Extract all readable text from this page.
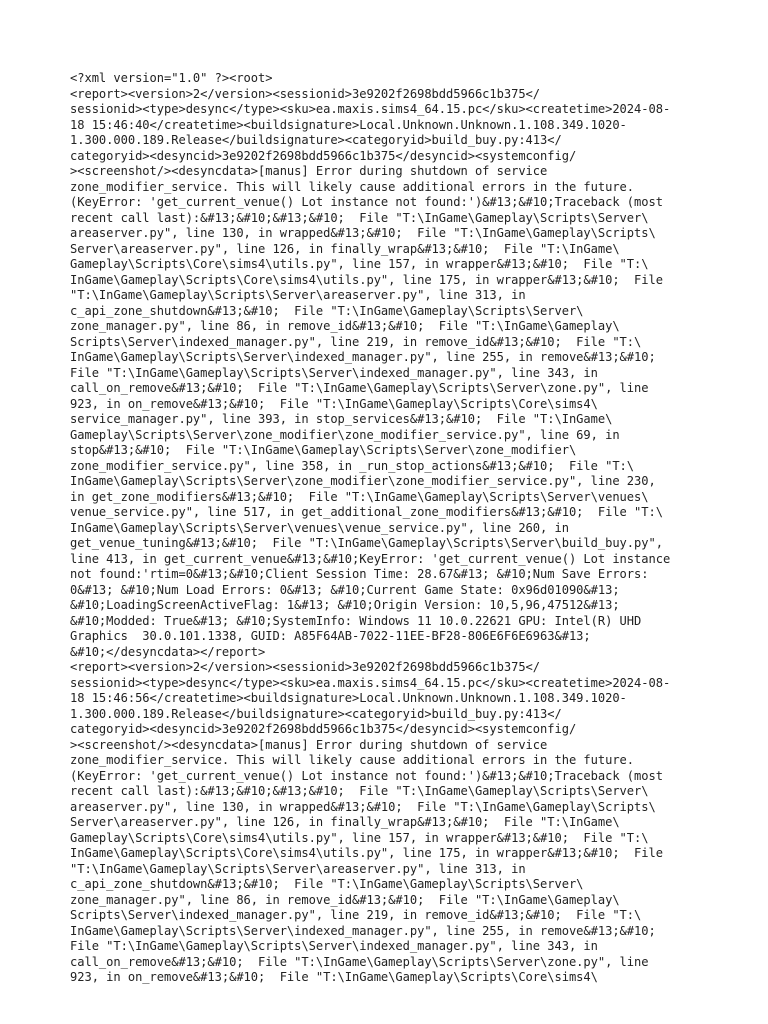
<?xml version="1.0" ?><root>
<report><version>2</version><sessionid>3e9202f2698bdd5966c1b375</
sessionid><type>desync</type><sku>ea.maxis.sims4_64.15.pc</sku><createtime>2024-08-
18 15:46:40</createtime><buildsignature>Local.Unknown.Unknown.1.108.349.1020-
1.300.000.189.Release</buildsignature><categoryid>build_buy.py:413</
categoryid><desyncid>3e9202f2698bdd5966c1b375</desyncid><systemconfig/
><screenshot/><desyncdata>[manus] Error during shutdown of service
zone_modifier_service. This will likely cause additional errors in the future.
(KeyError: 'get_current_venue() Lot instance not found:')&#13;&#10;Traceback (most
recent call last):&#13;&#10;&#13;&#10;  File "T:\InGame\Gameplay\Scripts\Server\
areaserver.py", line 130, in wrapped&#13;&#10;  File "T:\InGame\Gameplay\Scripts\
Server\areaserver.py", line 126, in finally_wrap&#13;&#10;  File "T:\InGame\
Gameplay\Scripts\Core\sims4\utils.py", line 157, in wrapper&#13;&#10;  File "T:\
InGame\Gameplay\Scripts\Core\sims4\utils.py", line 175, in wrapper&#13;&#10;  File
"T:\InGame\Gameplay\Scripts\Server\areaserver.py", line 313, in
c_api_zone_shutdown&#13;&#10;  File "T:\InGame\Gameplay\Scripts\Server\
zone_manager.py", line 86, in remove_id&#13;&#10;  File "T:\InGame\Gameplay\
Scripts\Server\indexed_manager.py", line 219, in remove_id&#13;&#10;  File "T:\
InGame\Gameplay\Scripts\Server\indexed_manager.py", line 255, in remove&#13;&#10;
File "T:\InGame\Gameplay\Scripts\Server\indexed_manager.py", line 343, in
call_on_remove&#13;&#10;  File "T:\InGame\Gameplay\Scripts\Server\zone.py", line
923, in on_remove&#13;&#10;  File "T:\InGame\Gameplay\Scripts\Core\sims4\
service_manager.py", line 393, in stop_services&#13;&#10;  File "T:\InGame\
Gameplay\Scripts\Server\zone_modifier\zone_modifier_service.py", line 69, in
stop&#13;&#10;  File "T:\InGame\Gameplay\Scripts\Server\zone_modifier\
zone_modifier_service.py", line 358, in _run_stop_actions&#13;&#10;  File "T:\
InGame\Gameplay\Scripts\Server\zone_modifier\zone_modifier_service.py", line 230,
in get_zone_modifiers&#13;&#10;  File "T:\InGame\Gameplay\Scripts\Server\venues\
venue_service.py", line 517, in get_additional_zone_modifiers&#13;&#10;  File "T:\
InGame\Gameplay\Scripts\Server\venues\venue_service.py", line 260, in
get_venue_tuning&#13;&#10;  File "T:\InGame\Gameplay\Scripts\Server\build_buy.py",
line 413, in get_current_venue&#13;&#10;KeyError: 'get_current_venue() Lot instance
not found:'rtim=0&#13;&#10;Client Session Time: 28.67&#13; &#10;Num Save Errors:
0&#13; &#10;Num Load Errors: 0&#13; &#10;Current Game State: 0x96d01090&#13;
&#10;LoadingScreenActiveFlag: 1&#13; &#10;Origin Version: 10,5,96,47512&#13;
&#10;Modded: True&#13; &#10;SystemInfo: Windows 11 10.0.22621 GPU: Intel(R) UHD
Graphics  30.0.101.1338, GUID: A85F64AB-7022-11EE-BF28-806E6F6E6963&#13;
&#10;</desyncdata></report>
<report><version>2</version><sessionid>3e9202f2698bdd5966c1b375</
sessionid><type>desync</type><sku>ea.maxis.sims4_64.15.pc</sku><createtime>2024-08-
18 15:46:56</createtime><buildsignature>Local.Unknown.Unknown.1.108.349.1020-
1.300.000.189.Release</buildsignature><categoryid>build_buy.py:413</
categoryid><desyncid>3e9202f2698bdd5966c1b375</desyncid><systemconfig/
><screenshot/><desyncdata>[manus] Error during shutdown of service
zone_modifier_service. This will likely cause additional errors in the future.
(KeyError: 'get_current_venue() Lot instance not found:')&#13;&#10;Traceback (most
recent call last):&#13;&#10;&#13;&#10;  File "T:\InGame\Gameplay\Scripts\Server\
areaserver.py", line 130, in wrapped&#13;&#10;  File "T:\InGame\Gameplay\Scripts\
Server\areaserver.py", line 126, in finally_wrap&#13;&#10;  File "T:\InGame\
Gameplay\Scripts\Core\sims4\utils.py", line 157, in wrapper&#13;&#10;  File "T:\
InGame\Gameplay\Scripts\Core\sims4\utils.py", line 175, in wrapper&#13;&#10;  File
"T:\InGame\Gameplay\Scripts\Server\areaserver.py", line 313, in
c_api_zone_shutdown&#13;&#10;  File "T:\InGame\Gameplay\Scripts\Server\
zone_manager.py", line 86, in remove_id&#13;&#10;  File "T:\InGame\Gameplay\
Scripts\Server\indexed_manager.py", line 219, in remove_id&#13;&#10;  File "T:\
InGame\Gameplay\Scripts\Server\indexed_manager.py", line 255, in remove&#13;&#10;
File "T:\InGame\Gameplay\Scripts\Server\indexed_manager.py", line 343, in
call_on_remove&#13;&#10;  File "T:\InGame\Gameplay\Scripts\Server\zone.py", line
923, in on_remove&#13;&#10;  File "T:\InGame\Gameplay\Scripts\Core\sims4\
